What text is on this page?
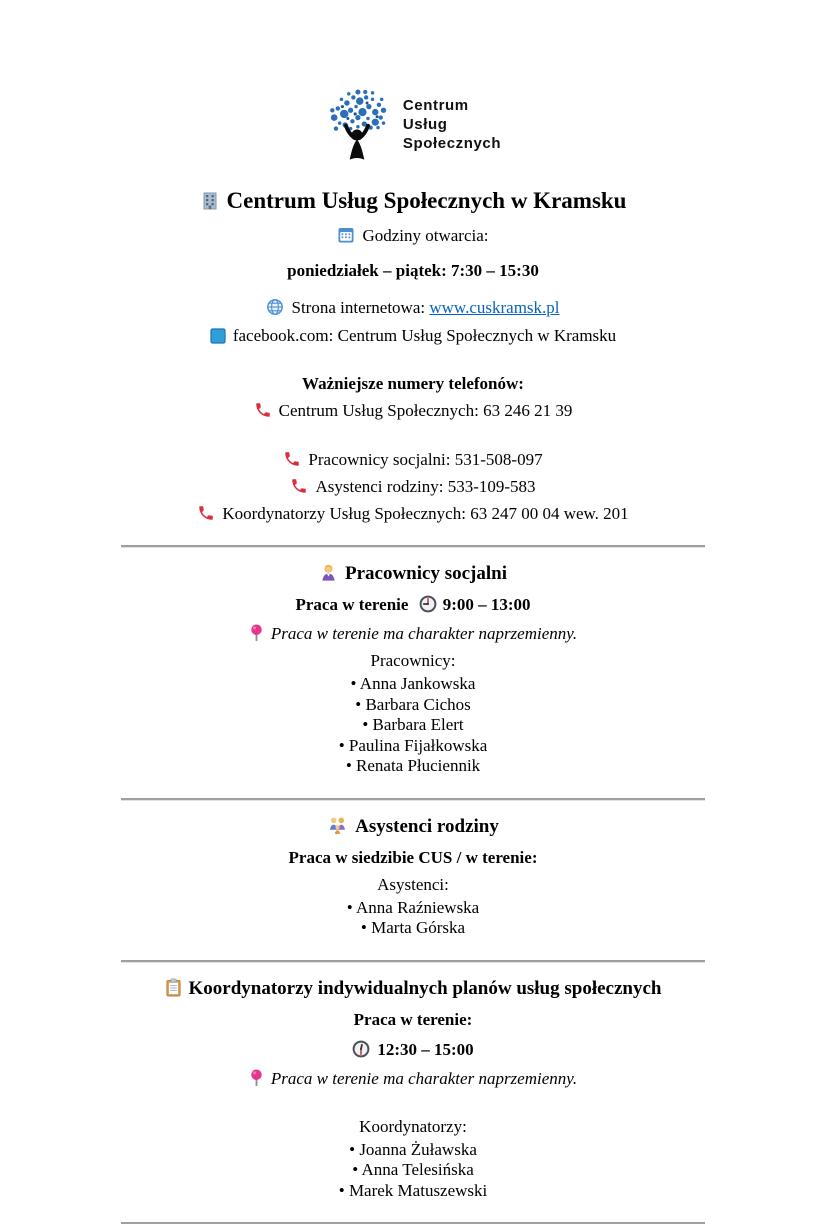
Centrum
Usług
Społecznych
Centrum Usług Społecznych w Kramsku

Godziny otwarcia:

poniedziałek – piątek: 7:30 – 15:30

Strona internetowa: www.cuskramsk.pl

facebook.com: Centrum Usług Społecznych w Kramsku

Ważniejsze numery telefonów:

Centrum Usług Społecznych: 63 246 21 39

Pracownicy socjalni: 531-508-097

Asystenci rodziny: 533-109-583

Koordynatorzy Usług Społecznych: 63 247 00 04 wew. 201

Pracownicy socjalni

Praca w terenie 9:00 – 13:00

Praca w terenie ma charakter naprzemienny.

Pracownicy:

• Anna Jankowska
• Barbara Cichos
• Barbara Elert
• Paulina Fijałkowska
• Renata Płuciennik
Asystenci rodziny

Praca w siedzibie CUS / w terenie:

Asystenci:

• Anna Raźniewska
• Marta Górska
Koordynatorzy indywidualnych planów usług społecznych

Praca w terenie:

12:30 – 15:00

Praca w terenie ma charakter naprzemienny.

Koordynatorzy:

• Joanna Żuławska
• Anna Telesińska
• Marek Matuszewski
